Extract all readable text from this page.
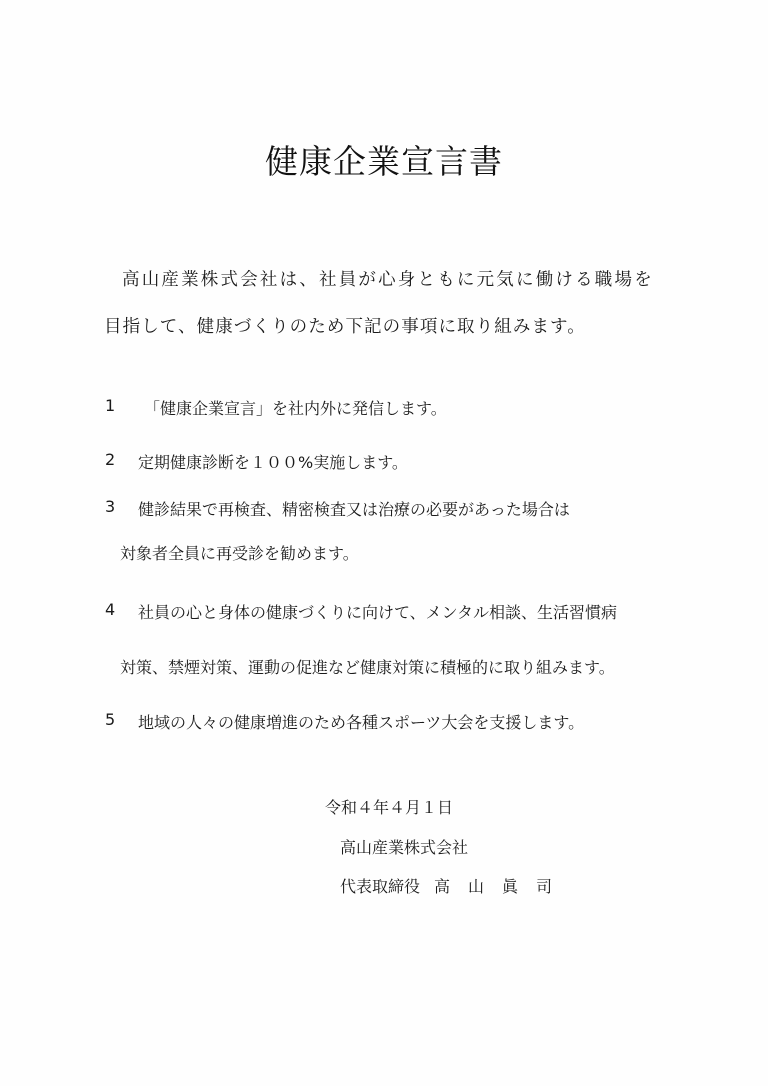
健康企業宣言書
高山産業株式会社は、社員が心身ともに元気に働ける職場を
目指して、健康づくりのため下記の事項に取り組みます。
1 「健康企業宣言」を社内外に発信します。
2 定期健康診断を１００%実施します。
3 健診結果で再検査、精密検査又は治療の必要があった場合は
対象者全員に再受診を勧めます。
4 社員の心と身体の健康づくりに向けて、メンタル相談、生活習慣病
対策、禁煙対策、運動の促進など健康対策に積極的に取り組みます。
5 地域の人々の健康増進のため各種スポーツ大会を支援します。
令和４年４月１日
高山産業株式会社
代表取締役 高山眞司
